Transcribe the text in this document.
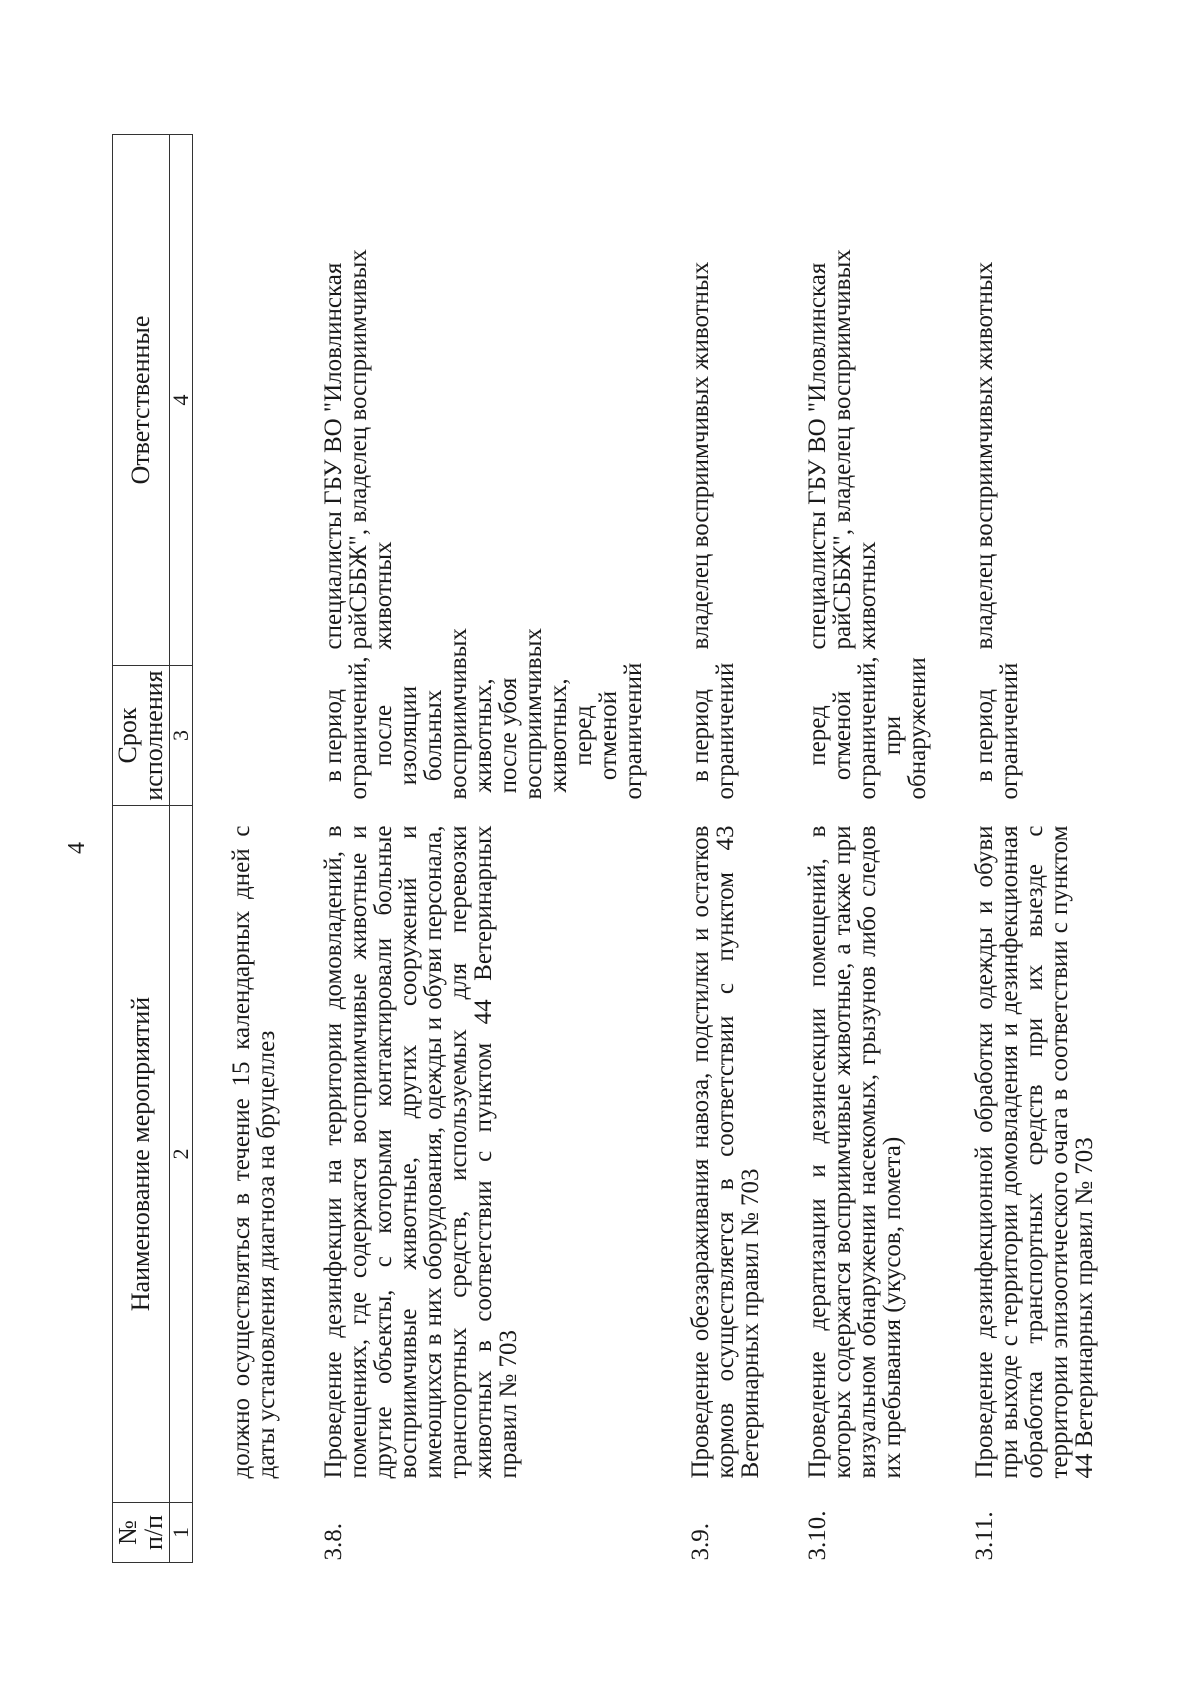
4
№ п/п	Наименование мероприятий	Срок исполнения	Ответственные
1	2	3	4

	должно осуществляться в течение 15 календарных дней с даты установления диагноза на бруцеллез		
3.8.	Проведение дезинфекции на территории домовладений, в помещениях, где содержатся восприимчивые животные и другие объекты, с которыми контактировали больные восприимчивые животные, других сооружений и имеющихся в них оборудования, одежды и обуви персонала, транспортных средств, используемых для перевозки животных в соответствии с пунктом 44 Ветеринарных правил № 703	в период ограничений, после изоляции больных восприимчивых животных, после убоя восприимчивых животных, перед отменой ограничений	специалисты ГБУ ВО "Иловлинская райСББЖ", владелец восприимчивых животных
3.9.	Проведение обеззараживания навоза, подстилки и остатков кормов осуществляется в соответствии с пунктом 43 Ветеринарных правил № 703	в период ограничений	владелец восприимчивых животных
3.10.	Проведение дератизации и дезинсекции помещений, в которых содержатся восприимчивые животные, а также при визуальном обнаружении насекомых, грызунов либо следов их пребывания (укусов, помета)	перед отменой ограничений, при обнаружении	специалисты ГБУ ВО "Иловлинская райСББЖ", владелец восприимчивых животных
3.11.	Проведение дезинфекционной обработки одежды и обуви при выходе с территории домовладения и дезинфекционная обработка транспортных средств при их выезде с территории эпизоотического очага в соответствии с пунктом 44 Ветеринарных правил № 703	в период ограничений	владелец восприимчивых животных
